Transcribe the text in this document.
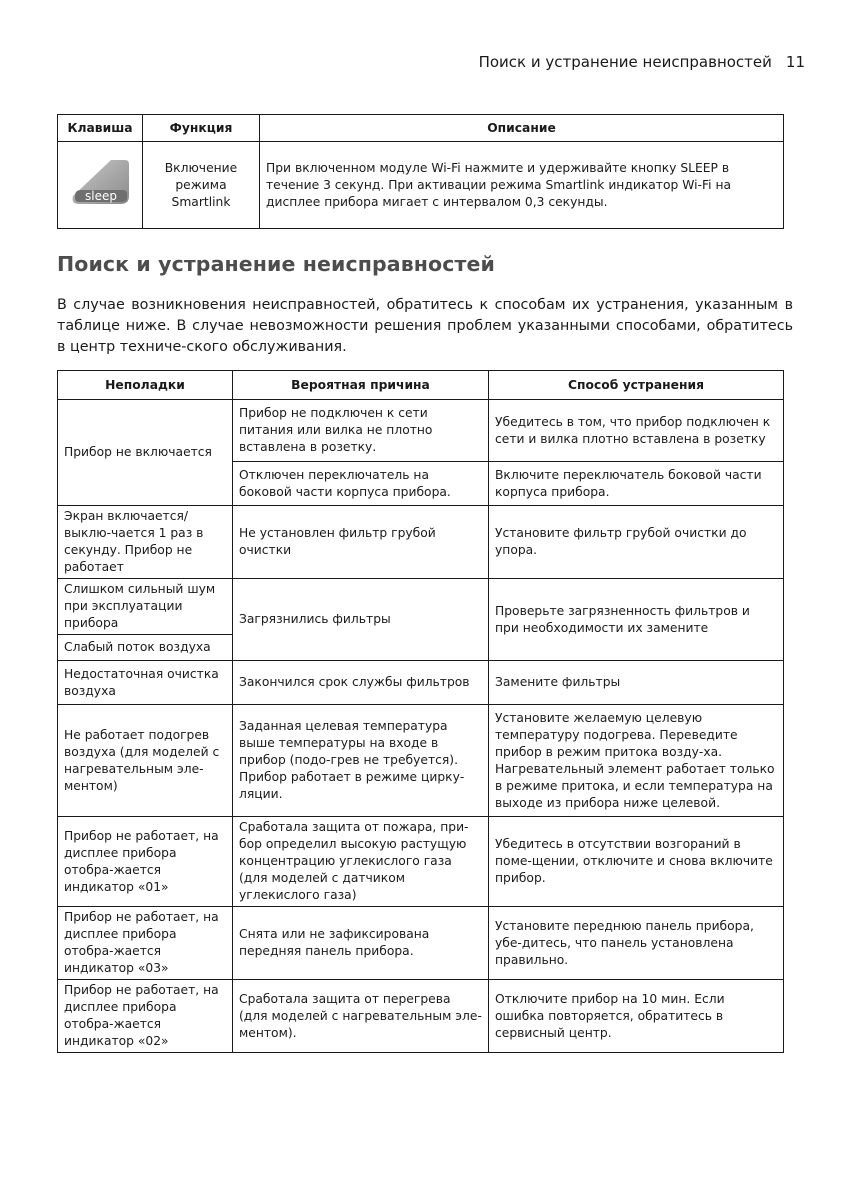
Поиск и устранение неисправностей 11
Клавиша	Функция	Описание

sleep	Включение режима Smartlink	При включенном модуле Wi-Fi нажмите и удерживайте кнопку SLEEP в течение 3 секунд. При активации режима Smartlink индикатор Wi-Fi на дисплее прибора мигает с интервалом 0,3 секунды.
Поиск и устранение неисправностей

В случае возникновения неисправностей, обратитесь к способам их устранения, указанным в таблице ниже. В случае невозможности решения проблем указанными способами, обратитесь в центр техниче-ского обслуживания.

Неполадки	Вероятная причина	Способ устранения
Прибор не включается	Прибор не подключен к сети питания или вилка не плотно вставлена в розетку.	Убедитесь в том, что прибор подключен к сети и вилка плотно вставлена в розетку
	Отключен переключатель на боковой части корпуса прибора.	Включите переключатель боковой части корпуса прибора.
Экран включается/выклю-чается 1 раз в секунду. Прибор не работает	Не установлен фильтр грубой очистки	Установите фильтр грубой очистки до упора.
Слишком сильный шум при эксплуатации прибора	Загрязнились фильтры	Проверьте загрязненность фильтров и при необходимости их замените
Слабый поток воздуха		
Недостаточная очистка воздуха	Закончился срок службы фильтров	Замените фильтры
Не работает подогрев воздуха (для моделей с нагревательным эле-ментом)	Заданная целевая температура выше температуры на входе в прибор (подо-грев не требуется). Прибор работает в режиме цирку-ляции.	Установите желаемую целевую температуру подогрева. Переведите прибор в режим притока возду-ха. Нагревательный элемент работает только в режиме притока, и если температура на выходе из прибора ниже целевой.
Прибор не работает, на дисплее прибора отобра-жается индикатор «01»	Сработала защита от пожара, при-бор определил высокую растущую концентрацию углекислого газа (для моделей с датчиком углекислого газа)	Убедитесь в отсутствии возгораний в поме-щении, отключите и снова включите прибор.
Прибор не работает, на дисплее прибора отобра-жается индикатор «03»	Снята или не зафиксирована передняя панель прибора.	Установите переднюю панель прибора, убе-дитесь, что панель установлена правильно.
Прибор не работает, на дисплее прибора отобра-жается индикатор «02»	Сработала защита от перегрева (для моделей с нагревательным эле-ментом).	Отключите прибор на 10 мин. Если ошибка повторяется, обратитесь в сервисный центр.
